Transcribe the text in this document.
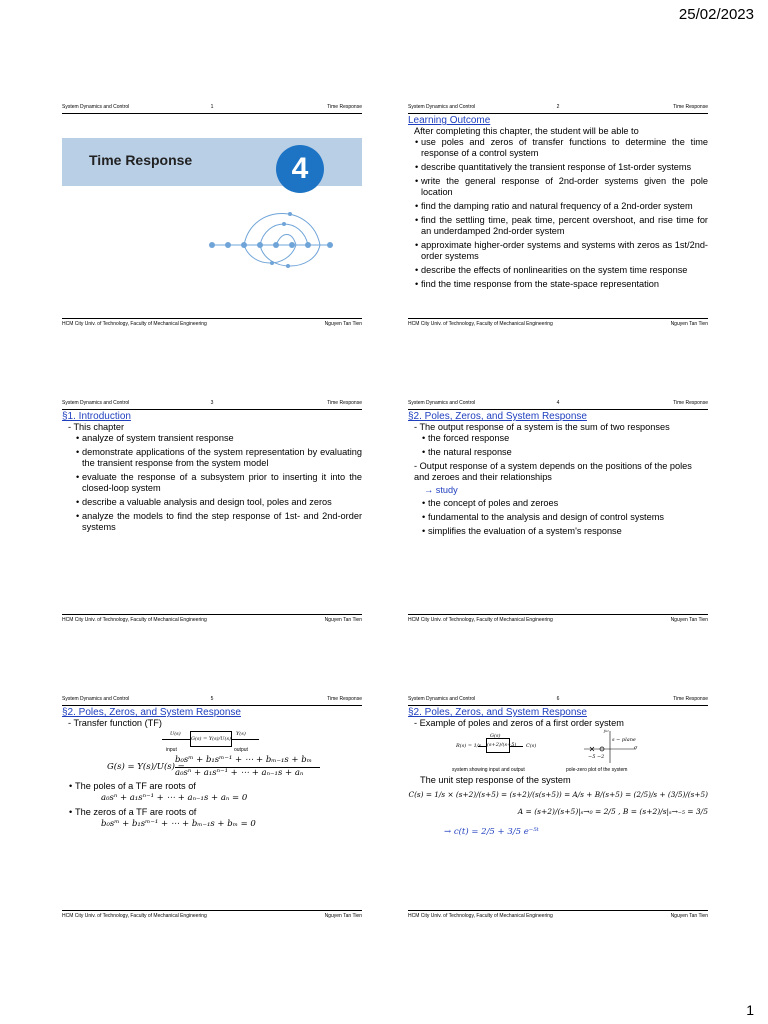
25/02/2023
System Dynamics and Control	1	Time Response
Time Response	4
HCM City Univ. of Technology, Faculty of Mechanical Engineering	Nguyen Tan Tien
System Dynamics and Control	2	Time Response
Learning Outcome
After completing this chapter, the student will be able to
• use poles and zeros of transfer functions to determine the time response of a control system
• describe quantitatively the transient response of 1st-order systems
• write the general response of 2nd-order systems given the pole location
• find the damping ratio and natural frequency of a 2nd-order system
• find the settling time, peak time, percent overshoot, and rise time for an underdamped 2nd-order system
• approximate higher-order systems and systems with zeros as 1st/2nd-order systems
• describe the effects of nonlinearities on the system time response
• find the time response from the state-space representation
HCM City Univ. of Technology, Faculty of Mechanical Engineering	Nguyen Tan Tien
System Dynamics and Control	3	Time Response
§1. Introduction
- This chapter
• analyze of system transient response
• demonstrate applications of the system representation by evaluating the transient response from the system model
• evaluate the response of a subsystem prior to inserting it into the closed-loop system
• describe a valuable analysis and design tool, poles and zeros
• analyze the models to find the step response of 1st- and 2nd-order systems
HCM City Univ. of Technology, Faculty of Mechanical Engineering	Nguyen Tan Tien
System Dynamics and Control	4	Time Response
§2. Poles, Zeros, and System Response
- The output response of a system is the sum of two responses
• the forced response
• the natural response
- Output response of a system depends on the positions of the poles and zeroes and their relationships
→ study
• the concept of poles and zeroes
• fundamental to the analysis and design of control systems
• simplifies the evaluation of a system's response
HCM City Univ. of Technology, Faculty of Mechanical Engineering	Nguyen Tan Tien
System Dynamics and Control	5	Time Response
§2. Poles, Zeros, and System Response
- Transfer function (TF)
U(s)
input
G(s) = Y(s)/U(s)
Y(s)
output
G(s) = Y(s)/U(s) =
b₀sᵐ + b₁sᵐ⁻¹ + ⋯ + bₘ₋₁s + bₘ
a₀sⁿ + a₁sⁿ⁻¹ + ⋯ + aₙ₋₁s + aₙ
• The poles of a TF are roots of
a₀sⁿ + a₁sⁿ⁻¹ + ⋯ + aₙ₋₁s + aₙ = 0
• The zeros of a TF are roots of
b₀sᵐ + b₁sᵐ⁻¹ + ⋯ + bₘ₋₁s + bₘ = 0
HCM City Univ. of Technology, Faculty of Mechanical Engineering	Nguyen Tan Tien
System Dynamics and Control	6	Time Response
§2. Poles, Zeros, and System Response
- Example of poles and zeros of a first order system
R(s) = 1/s
G(s)
(s+2)/(s+5) C(s)
system showing input and output
jω
s − plane
σ
−5 −2
pole-zero plot of the system
The unit step response of the system
C(s) = 1/s × (s+2)/(s+5) = (s+2)/(s(s+5)) = A/s + B/(s+5) = (2/5)/s + (3/5)/(s+5)
A = (s+2)/(s+5)|ₛ→₀ = 2/5 , B = (s+2)/s|ₛ→₋₅ = 3/5
→ c(t) = 2/5 + 3/5 e⁻⁵ᵗ
HCM City Univ. of Technology, Faculty of Mechanical Engineering	Nguyen Tan Tien
1
